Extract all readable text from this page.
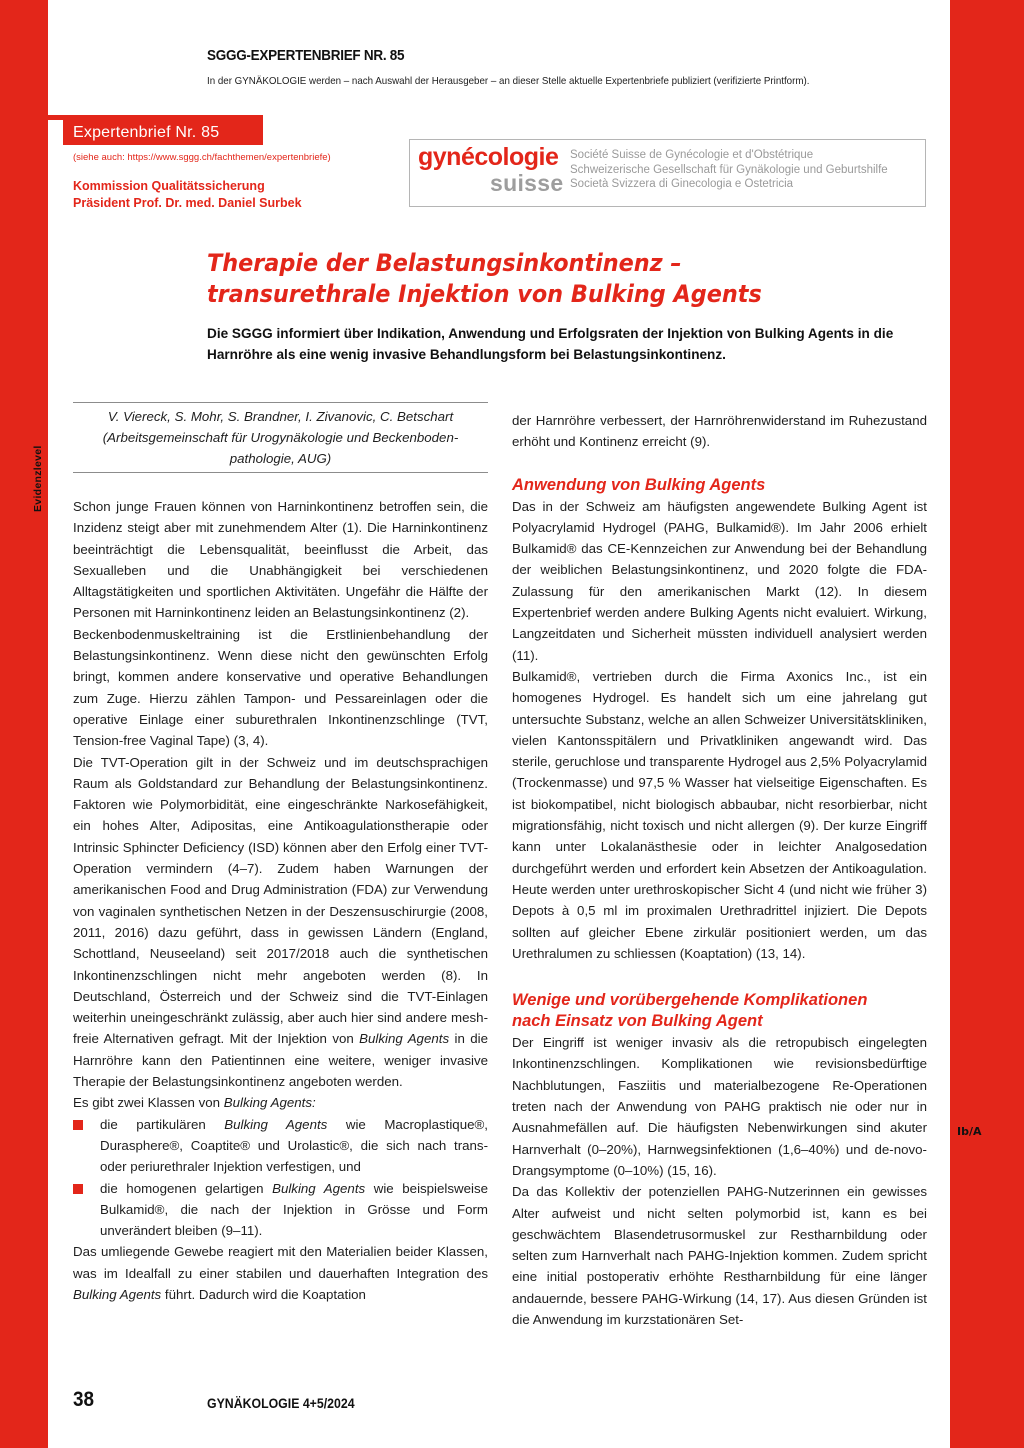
SGGG-EXPERTENBRIEF NR. 85
In der GYNÄKOLOGIE werden – nach Auswahl der Herausgeber – an dieser Stelle aktuelle Expertenbriefe publiziert (verifizierte Printform).
Expertenbrief Nr. 85
(siehe auch: https://www.sggg.ch/fachthemen/expertenbriefe)
Kommission Qualitätssicherung
Präsident Prof. Dr. med. Daniel Surbek
gynécologie
suisse
Société Suisse de Gynécologie et d'Obstétrique
Schweizerische Gesellschaft für Gynäkologie und Geburtshilfe
Società Svizzera di Ginecologia e Ostetricia
Therapie der Belastungsinkontinenz –
transurethrale Injektion von Bulking Agents
Die SGGG informiert über Indikation, Anwendung und Erfolgsraten der Injektion von Bulking Agents in die Harnröhre als eine wenig invasive Behandlungsform bei Belastungsinkontinenz.
Evidenzlevel
Ib/A
V. Viereck, S. Mohr, S. Brandner, I. Zivanovic, C. Betschart
(Arbeitsgemeinschaft für Urogynäkologie und Beckenboden-
pathologie, AUG)

Schon junge Frauen können von Harninkontinenz betroffen sein, die Inzidenz steigt aber mit zunehmendem Alter (1). Die Harninkontinenz beeinträchtigt die Lebensqualität, beeinflusst die Arbeit, das Sexualleben und die Unabhängigkeit bei verschiedenen Alltagstätigkeiten und sportlichen Aktivitäten. Ungefähr die Hälfte der Personen mit Harninkontinenz leiden an Belastungsinkontinenz (2).

Beckenbodenmuskeltraining ist die Erstlinienbehandlung der Belastungsinkontinenz. Wenn diese nicht den gewünschten Erfolg bringt, kommen andere konservative und operative Behandlungen zum Zuge. Hierzu zählen Tampon- und Pessareinlagen oder die operative Einlage einer suburethralen Inkontinenzschlinge (TVT, Tension-free Vaginal Tape) (3, 4).

Die TVT-Operation gilt in der Schweiz und im deutschsprachigen Raum als Goldstandard zur Behandlung der Belastungsinkontinenz. Faktoren wie Polymorbidität, eine eingeschränkte Narkosefähigkeit, ein hohes Alter, Adipositas, eine Antikoagulationstherapie oder Intrinsic Sphincter Deficiency (ISD) können aber den Erfolg einer TVT-Operation vermindern (4–7). Zudem haben Warnungen der amerikanischen Food and Drug Administration (FDA) zur Verwendung von vaginalen synthetischen Netzen in der Deszensuschirurgie (2008, 2011, 2016) dazu geführt, dass in gewissen Ländern (England, Schottland, Neuseeland) seit 2017/2018 auch die synthetischen Inkontinenzschlingen nicht mehr angeboten werden (8). In Deutschland, Österreich und der Schweiz sind die TVT-Einlagen weiterhin uneingeschränkt zulässig, aber auch hier sind andere mesh-freie Alternativen gefragt. Mit der Injektion von Bulking Agents in die Harnröhre kann den Patientinnen eine weitere, weniger invasive Therapie der Belastungsinkontinenz angeboten werden.

Es gibt zwei Klassen von Bulking Agents:

die partikulären Bulking Agents wie Macroplastique®, Durasphere®, Coaptite® und Urolastic®, die sich nach trans- oder periurethraler Injektion verfestigen, und
die homogenen gelartigen Bulking Agents wie beispielsweise Bulkamid®, die nach der Injektion in Grösse und Form unverändert bleiben (9–11).

Das umliegende Gewebe reagiert mit den Materialien beider Klassen, was im Idealfall zu einer stabilen und dauerhaften Integration des Bulking Agents führt. Dadurch wird die Koaptation

der Harnröhre verbessert, der Harnröhrenwiderstand im Ruhezustand erhöht und Kontinenz erreicht (9).

Anwendung von Bulking Agents

Das in der Schweiz am häufigsten angewendete Bulking Agent ist Polyacrylamid Hydrogel (PAHG, Bulkamid®). Im Jahr 2006 erhielt Bulkamid® das CE-Kennzeichen zur Anwendung bei der Behandlung der weiblichen Belastungsinkontinenz, und 2020 folgte die FDA- Zulassung für den amerikanischen Markt (12). In diesem Expertenbrief werden andere Bulking Agents nicht evaluiert. Wirkung, Langzeitdaten und Sicherheit müssten individuell analysiert werden (11).

Bulkamid®, vertrieben durch die Firma Axonics Inc., ist ein homogenes Hydrogel. Es handelt sich um eine jahrelang gut untersuchte Substanz, welche an allen Schweizer Universitätskliniken, vielen Kantonsspitälern und Privatkliniken angewandt wird. Das sterile, geruchlose und transparente Hydrogel aus 2,5% Polyacrylamid (Trockenmasse) und 97,5 % Wasser hat vielseitige Eigenschaften. Es ist biokompatibel, nicht biologisch abbaubar, nicht resorbierbar, nicht migrationsfähig, nicht toxisch und nicht allergen (9). Der kurze Eingriff kann unter Lokalanästhesie oder in leichter Analgosedation durchgeführt werden und erfordert kein Absetzen der Antikoagulation. Heute werden unter urethroskopischer Sicht 4 (und nicht wie früher 3) Depots à 0,5 ml im proximalen Urethradrittel injiziert. Die Depots sollten auf gleicher Ebene zirkulär positioniert werden, um das Urethralumen zu schliessen (Koaptation) (13, 14).

Wenige und vorübergehende Komplikationen
nach Einsatz von Bulking Agent

Der Eingriff ist weniger invasiv als die retropubisch eingelegten Inkontinenzschlingen. Komplikationen wie revisionsbedürftige Nachblutungen, Fasziitis und materialbezogene Re-Operationen treten nach der Anwendung von PAHG praktisch nie oder nur in Ausnahmefällen auf. Die häufigsten Nebenwirkungen sind akuter Harnverhalt (0–20%), Harnwegsinfektionen (1,6–40%) und de-novo-Drangsymptome (0–10%) (15, 16).

Da das Kollektiv der potenziellen PAHG-Nutzerinnen ein gewisses Alter aufweist und nicht selten polymorbid ist, kann es bei geschwächtem Blasendetrusormuskel zur Restharnbildung oder selten zum Harnverhalt nach PAHG-Injektion kommen. Zudem spricht eine initial postoperativ erhöhte Restharnbildung für eine länger andauernde, bessere PAHG-Wirkung (14, 17). Aus diesen Gründen ist die Anwendung im kurzstationären Set-

38	GYNÄKOLOGIE 4+5/2024
